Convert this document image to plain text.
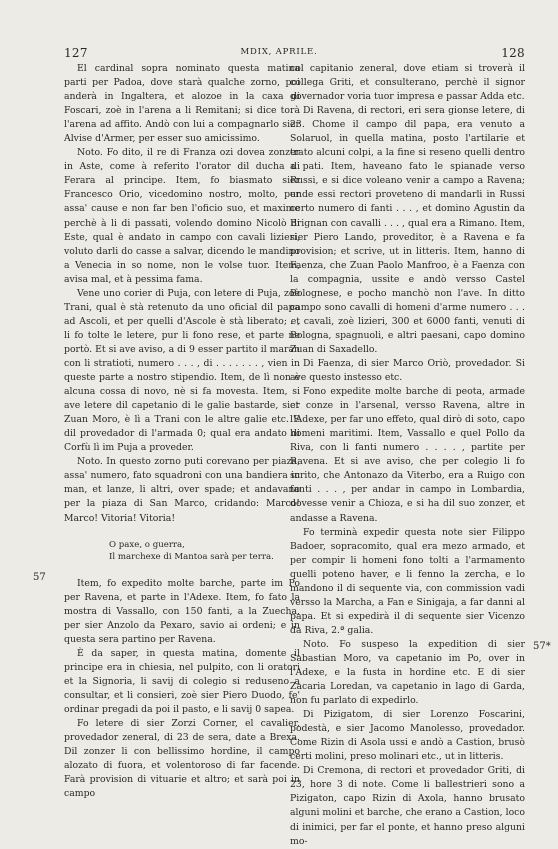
127	MDIX, APRILE.	128
57
57*

El cardinal sopra nominato questa matina parti per Padoa, dove starà qualche zorno, poi anderà in Ingaltera, et alozoe in la caxa di Foscari, zoè in l'arena a li Remitani; si dice torà l'arena ad affito. Andò con lui a compagnarlo sier Alvise d'Armer, per esser suo amicissimo.

Noto. Fo dito, il re di Franza ozi dovea zonzer in Aste, come à referito l'orator dil ducha di Ferara al principe. Item, fo biasmato sier Francesco Orio, vicedomino nostro, molto, per assa' cause e non far ben l'oficio suo, et maxime perchè à li di passati, volendo domino Nicolò di Este, qual è andato in campo con cavali lizieri, voluto darli do casse a salvar, dicendo le mandino a Venecia in so nome, non le volse tuor. Item, avisa mal, et à pessima fama.

Vene uno corier di Puja, con letere di Puja, zoè Trani, qual è stà retenuto da uno oficial dil papa ad Ascoli, et per quelli d'Ascole è stà liberato; et li fo tolte le letere, pur li fono rese, et parte ne portò. Et si ave aviso, a di 9 esser partito il maran con li stratioti, numero . . . , di . . . . . . . , vien in queste parte a nostro stipendio. Item, de lì non è alcuna cossa di novo, nè si fa movesta. Item, si ave letere dil capetanio di le galie bastarde, sier Zuan Moro, è lì a Trani con le altre galie etc. E dil provedador di l'armada 0; qual era andato di Corfù lì im Puja a proveder.

Noto. In questo zorno puti corevano per piaza, assa' numero, fato squadroni con una bandiera in man, et lanze, li altri, over spade; et andavano per la piaza di San Marco, cridando: Marco! Marco! Vitoria! Vitoria!

O paxe, o guerra,
Il marchexe di Mantoa sarà per terra.

Item, fo expedito molte barche, parte im Po per Ravena, et parte in l'Adexe. Item, fo fato la mostra di Vassallo, con 150 fanti, a la Zuecha, per sier Anzolo da Pexaro, savio ai ordeni; e in questa sera partino per Ravena.

È da saper, in questa matina, domente il principe era in chiesia, nel pulpito, con li oratori et la Signoria, li savij di colegio si reduseno a consultar, et li consieri, zoè sier Piero Duodo, fe' ordinar pregadi da poi il pasto, e li savij 0 sapea.

Fo letere di sier Zorzi Corner, el cavalier, provedador zeneral, di 23 de sera, date a Brexa. Dil zonzer li con bellissimo hordine, il campo alozato di fuora, et volentoroso di far facende. Farà provision di vituarie et altro; et sarà poi in campo

col capitanio zeneral, dove etiam si troverà il collega Griti, et consulterano, perchè il signor governador voria tuor impresa e passar Adda etc.

Di Ravena, di rectori, eri sera gionse letere, di 23. Chome il campo dil papa, era venuto a Solaruol, in quella matina, posto l'artilarie et trato alcuni colpi, a la fine si reseno quelli dentro a pati. Item, haveano fato le spianade verso Russi, e si dice voleano venir a campo a Ravena; unde essi rectori proveteno di mandarli in Russi certo numero di fanti . . . , et domino Agustin da Brignan con cavalli . . . , qual era a Rimano. Item, sier Piero Lando, proveditor, è a Ravena e fa provision; et scrive, ut in litteris. Item, hanno di Faenza, che Zuan Paolo Manfroo, è a Faenza con la compagnia, ussite e andò versso Castel Bolognese, e pocho manchò non l'ave. In ditto campo sono cavalli di homeni d'arme numero . . . . , cavali, zoè lizieri, 300 et 6000 fanti, venuti di Bologna, spagnuoli, e altri paesani, capo domino Zuan di Saxadello.

Di Faenza, di sier Marco Oriò, provedador. Si ave questo instesso etc.

Fono expedite molte barche di peota, armade et conze in l'arsenal, versso Ravena, altre in l'Adexe, per far uno effeto, qual dirò di soto, capo homeni maritimi. Item, Vassallo e quel Pollo da Riva, con li fanti numero . . . . , partite per Ravena. Et si ave aviso, che per colegio li fo scrito, che Antonazo da Viterbo, era a Ruigo con fanti . . . , per andar in campo in Lombardia, dovesse venir a Chioza, e si ha dil suo zonzer, et andasse a Ravena.

Fo terminà expedir questa note sier Filippo Badoer, sopracomito, qual era mezo armado, et per compir li homeni fono tolti a l'armamento quelli poteno haver, e li fenno la zercha, e lo mandono il di sequente via, con commission vadi versso la Marcha, a Fan e Sinigaja, a far danni al papa. Et si expedirà il di sequente sier Vicenzo da Riva, 2.ª galia.

Noto. Fo suspeso la expedition di sier Sabastian Moro, va capetanio im Po, over in l'Adexe, e la fusta in hordine etc. E di sier Zacaria Loredan, va capetanio in lago di Garda, non fu parlato di expedirlo.

Di Pizigatom, di sier Lorenzo Foscarini, podestà, e sier Jacomo Manolesso, provedador. Come Rizin di Asola ussi e andò a Castion, brusò certi molini, preso molinari etc., ut in litteris.

Di Cremona, di rectori et provedador Griti, di 23, hore 3 di note. Come li ballestrieri sono a Pizigaton, capo Rizin di Axola, hanno brusato alguni molini et barche, che erano a Castion, loco di inimici, per far el ponte, et hanno preso alguni mo-
